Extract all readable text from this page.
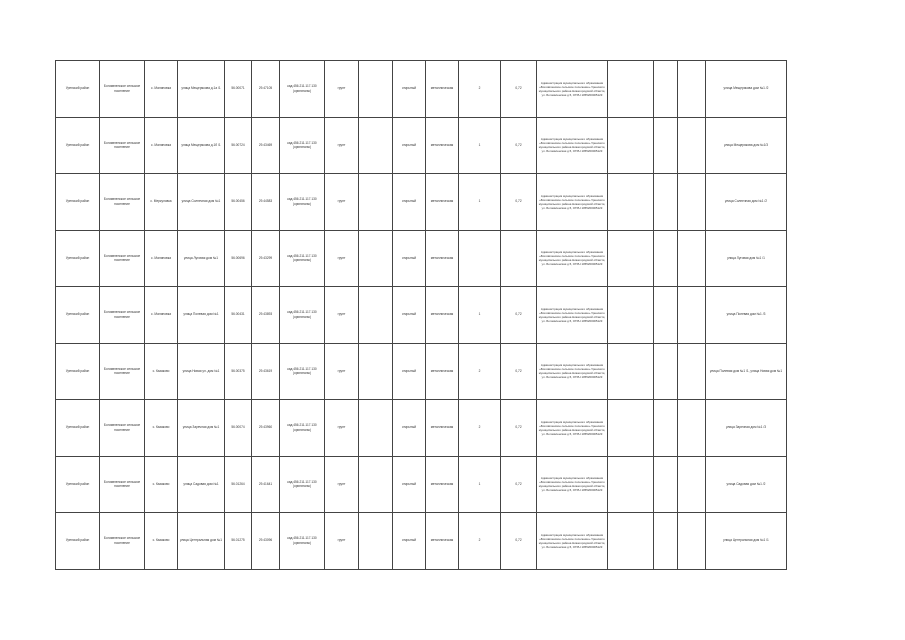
Уренский район	Богоявленское сельское поселение	с. Малиновка	улица Мещерякова д.1а /1	56.00071	29.47105	кад.456.211.117.130 (оригиналы)	грунт		открытый	металлическая	2	0,72	Администрация муниципального образования «Богоявленское сельское поселение» Уренского муниципального района Нижегородской области, ул. Богоявленская д.5, ОГРН 1055200005123				улица Мещерякова дом №1 /2
Уренский район	Богоявленское сельское поселение	с. Малиновка	улица Мещерякова д.1б /1	56.00724	29.43469	кад.456.211.117.130 (оригиналы)	грунт		открытый	металлическая	1	0,72	Администрация муниципального образования «Богоявленское сельское поселение» Уренского муниципального района Нижегородской области, ул. Богоявленская д.5, ОГРН 1055200005123				улица Мещерякова дом №1/3
Уренский район	Богоявленское сельское поселение	с. Меркуловка	улица Солнечная дом №1	56.00456	29.44583	кад.456.211.117.130 (оригиналы)	грунт		открытый	металлическая	1	0,72	Администрация муниципального образования «Богоявленское сельское поселение» Уренского муниципального района Нижегородской области, ул. Богоявленская д.5, ОГРН 1055200005123				улица Солнечная дом №1 /2
Уренский район	Богоявленское сельское поселение	с. Малиновка	улица Луговая дом №1	56.00696	29.43299	кад.456.211.117.130 (оригиналы)	грунт		открытый	металлическая			Администрация муниципального образования «Богоявленское сельское поселение» Уренского муниципального района Нижегородской области, ул. Богоявленская д.5, ОГРН 1055200005123				улица Луговая дом №1 /1
Уренский район	Богоявленское сельское поселение	с. Малиновка	улица Полевая дом №1	56.00431	29.43893	кад.456.211.117.130 (оригиналы)	грунт		открытый	металлическая	1	0,72	Администрация муниципального образования «Богоявленское сельское поселение» Уренского муниципального района Нижегородской области, ул. Богоявленская д.5, ОГРН 1055200005123				улица Полевая дом №1 /3
Уренский район	Богоявленское сельское поселение	с. Казаково	улица Новая ул. дом №1	56.00375	29.43619	кад.456.211.117.130 (оригиналы)	грунт		открытый	металлическая	2	0,72	Администрация муниципального образования «Богоявленское сельское поселение» Уренского муниципального района Нижегородской области, ул. Богоявленская д.5, ОГРН 1055200005123				улица Полевая дом №1 /1, улица Новая дом №1
Уренский район	Богоявленское сельское поселение	с. Казаково	улица Заречная дом №1	56.00074	29.43960	кад.456.211.117.130 (оригиналы)	грунт		открытый	металлическая	2	0,72	Администрация муниципального образования «Богоявленское сельское поселение» Уренского муниципального района Нижегородской области, ул. Богоявленская д.5, ОГРН 1055200005123				улица Заречная дом №1 /3
Уренский район	Богоявленское сельское поселение	с. Казаково	улица Садовая дом №1	56.01264	29.41641	кад.456.211.117.130 (оригиналы)	грунт		открытый	металлическая	1	0,72	Администрация муниципального образования «Богоявленское сельское поселение» Уренского муниципального района Нижегородской области, ул. Богоявленская д.5, ОГРН 1055200005123				улица Садовая дом №1 /2
Уренский район	Богоявленское сельское поселение	с. Казаково	улица Центральная дом №1	56.01275	29.43096	кад.456.211.117.130 (оригиналы)	грунт		открытый	металлическая	2	0,72	Администрация муниципального образования «Богоявленское сельское поселение» Уренского муниципального района Нижегородской области, ул. Богоявленская д.5, ОГРН 1055200005123				улица Центральная дом №1 /1
